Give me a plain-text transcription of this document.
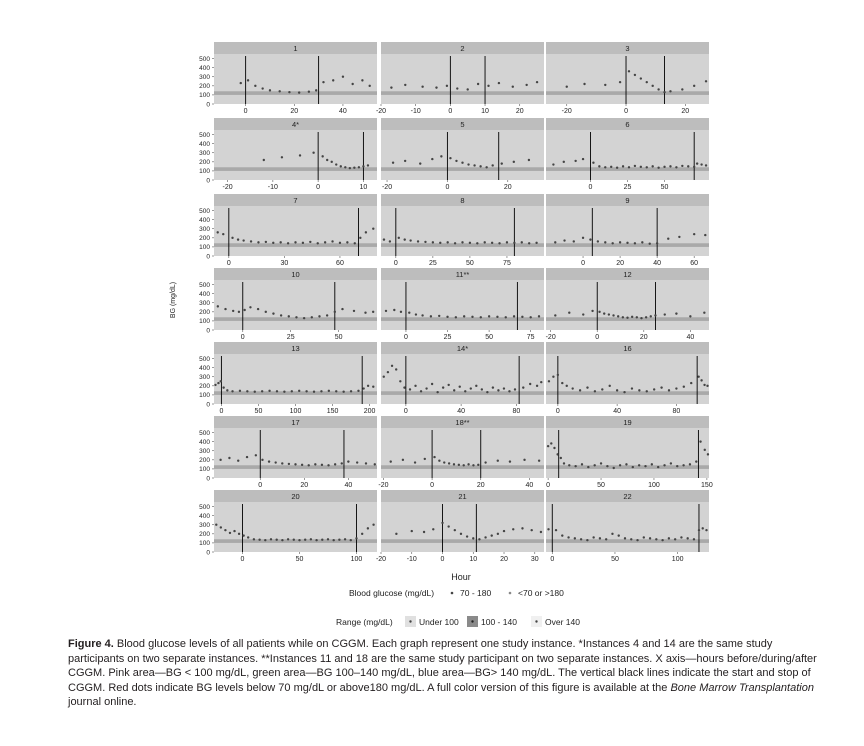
1
0	20	40
0
100
200
300
400
500
2
-20	-10	0	10	20
3
-20	0	20
4*
-20	-10	0	10
0
100
200
300
400
500
5
-20	0	20
6
0	25	50
7
0	30	60
0
100
200
300
400
500
8
0	25	50	75
9
0	20	40	60
10
0	25	50
0
100
200
300
400
500
11**
0	25	50	75
12
-20	0	20	40
13
0	50	100	150	200
0
100
200
300
400
500
14*
0	40	80
16
0	40	80
17
0	20	40
0
100
200
300
400
500
18**
-20	0	20	40
19
0	50	100	150
20
0	50	100
0
100
200
300
400
500
21
-20	-10	0	10	20	30
22
0	50	100
BG (mg/dL)
Hour
Blood glucose (mg/dL)	70 - 180	<70 or >180
Range (mg/dL)	Under 100	100 - 140	Over 140
Figure 4. Blood glucose levels of all patients while on CGGM. Each graph represent one study instance. *Instances 4 and 14 are the same study participants on two separate instances. **Instances 11 and 18 are the same study participant on two separate instances. X axis—hours before/during/after CGGM. Pink area—BG < 100 mg/dL, green area—BG 100–140 mg/dL, blue area—BG> 140 mg/dL. The vertical black lines indicate the start and stop of CGGM. Red dots indicate BG levels below 70 mg/dL or above180 mg/dL. A full color version of this figure is available at the Bone Marrow Transplantation journal online.
